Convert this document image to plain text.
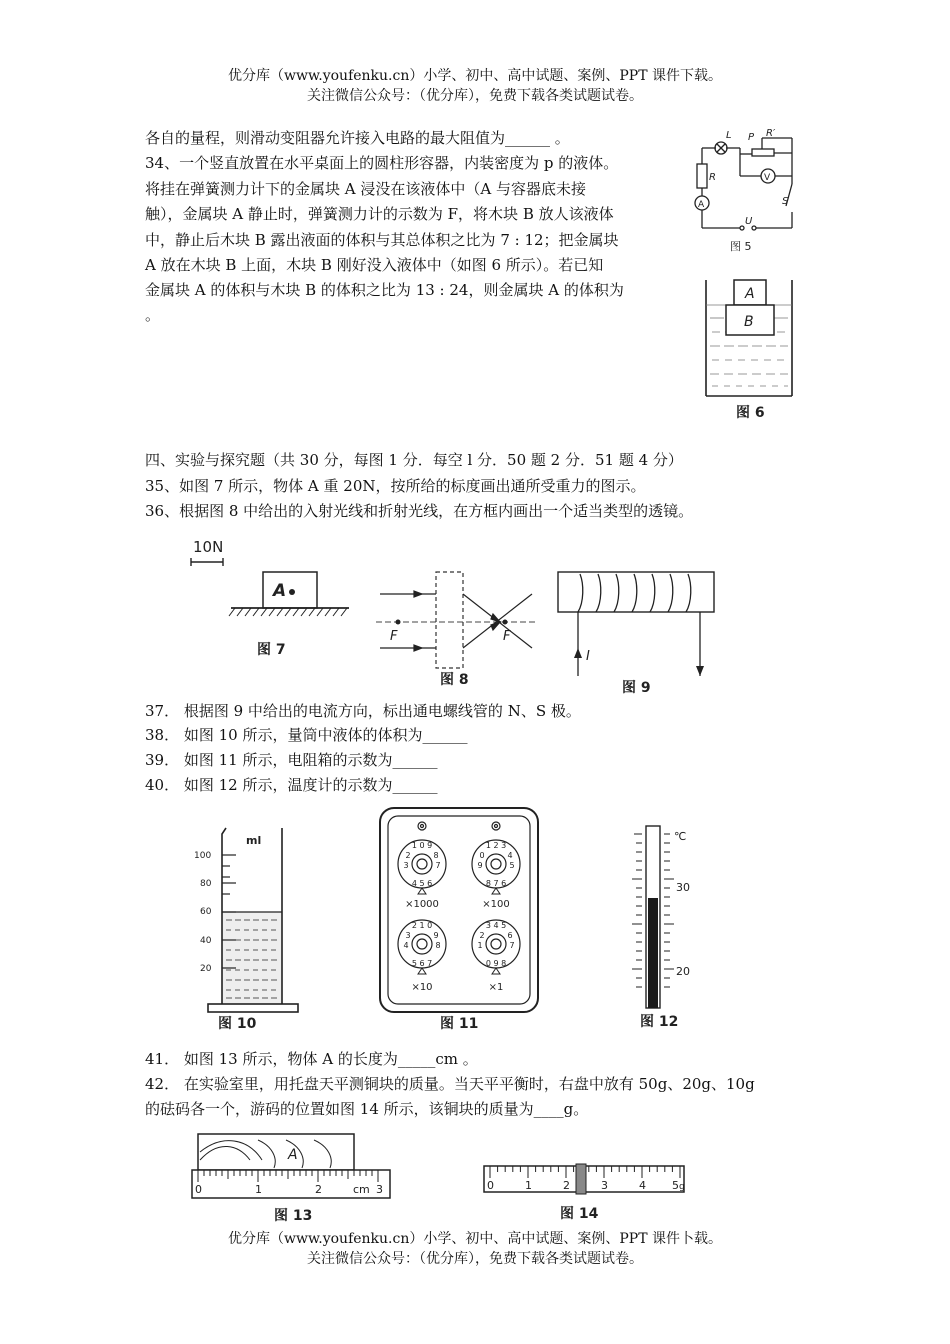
优分库（www.youfenku.cn）小学、初中、高中试题、案例、PPT 课件下载。
关注微信公众号：（优分库），免费下载各类试题试卷。
各自的量程，则滑动变阻器允许接入电路的最大阻值为______ 。
34、一个竖直放置在水平桌面上的圆柱形容器，内装密度为 p 的液体。
将挂在弹簧测力计下的金属块 A 浸没在该液体中（A 与容器底未接
触），金属块 A 静止时，弹簧测力计的示数为 F，将木块 B 放人该液体
中，静止后木块 B 露出液面的体积与其总体积之比为 7 : 12；把金属块
A 放在木块 B 上面，木块 B 刚好没入液体中（如图 6 所示）。若已知
金属块 A 的体积与木块 B 的体积之比为 13 : 24，则金属块 A 的体积为
。
L P R′
R	V
A	S
U
图 5
A
B
图 6
四、实验与探究题（共 30 分，每图 1 分．每空 l 分．50 题 2 分．51 题 4 分）
35、如图 7 所示，物体 A 重 20N，按所给的标度画出通所受重力的图示。
36、根据图 8 中给出的入射光线和折射光线，在方框内画出一个适当类型的透镜。
10N
A
图 7
F	F
图 8
I
图 9
37． 根据图 9 中给出的电流方向，标出通电螺线管的 N、S 极。
38． 如图 10 所示，量筒中液体的体积为______
39． 如图 11 所示，电阻箱的示数为______
40． 如图 12 所示，温度计的示数为______
ml
100
80
60
40
20
图 10
1 0 9
2	8
3	7
4 5 6
1 2 3
0	4
9	5
8 7 6
2 1 0
3	9
4	8
5 6 7
3 4 5
2	6
1	7
0 9 8
×1000	×100
×10	×1
图 11
℃
30
20
图 12
41． 如图 13 所示，物体 A 的长度为_____cm 。
42． 在实验室里，用托盘天平测铜块的质量。当天平平衡时，右盘中放有 50g、20g、10g
的砝码各一个，游码的位置如图 14 所示，该铜块的质量为____g。
A
0	1	2	cm 3
图 13
0	1	2	3	4 5 g
图 14
优分库（www.youfenku.cn）小学、初中、高中试题、案例、PPT 课件卜载。
关注微信公众号：（优分库），免费下载各类试题试卷。
